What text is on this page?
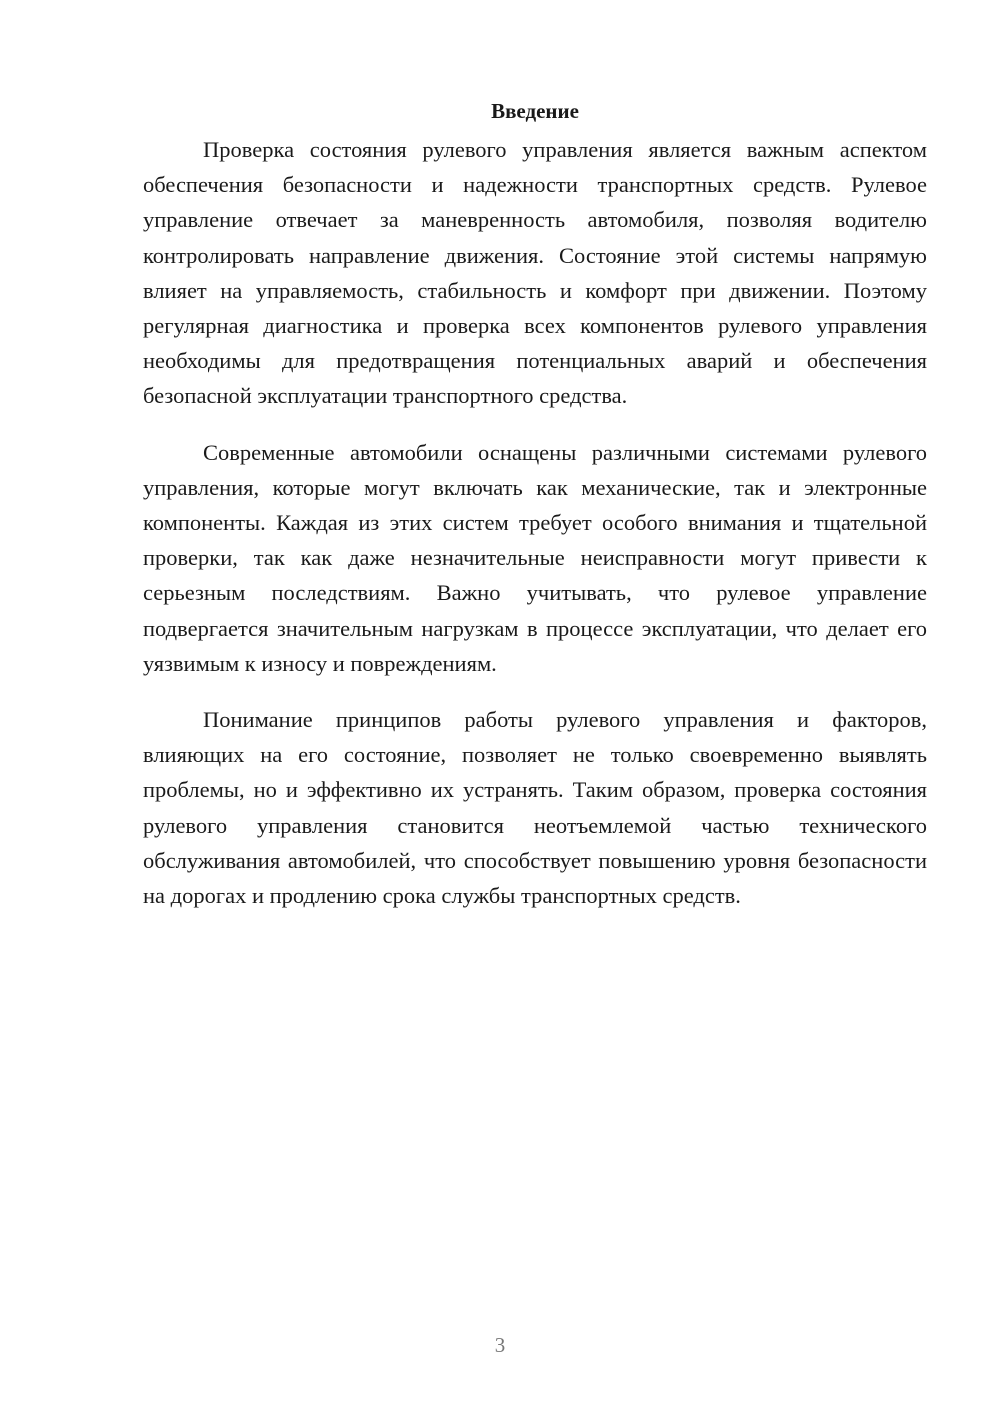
Введение

Проверка состояния рулевого управления является важным аспектом обеспечения безопасности и надежности транспортных средств. Рулевое управление отвечает за маневренность автомобиля, позволяя водителю контролировать направление движения. Состояние этой системы напрямую влияет на управляемость, стабильность и комфорт при движении. Поэтому регулярная диагностика и проверка всех компонентов рулевого управления необходимы для предотвращения потенциальных аварий и обеспечения безопасной эксплуатации транспортного средства.

Современные автомобили оснащены различными системами рулевого управления, которые могут включать как механические, так и электронные компоненты. Каждая из этих систем требует особого внимания и тщательной проверки, так как даже незначительные неисправности могут привести к серьезным последствиям. Важно учитывать, что рулевое управление подвергается значительным нагрузкам в процессе эксплуатации, что делает его уязвимым к износу и повреждениям.

Понимание принципов работы рулевого управления и факторов, влияющих на его состояние, позволяет не только своевременно выявлять проблемы, но и эффективно их устранять. Таким образом, проверка состояния рулевого управления становится неотъемлемой частью технического обслуживания автомобилей, что способствует повышению уровня безопасности на дорогах и продлению срока службы транспортных средств.

3
